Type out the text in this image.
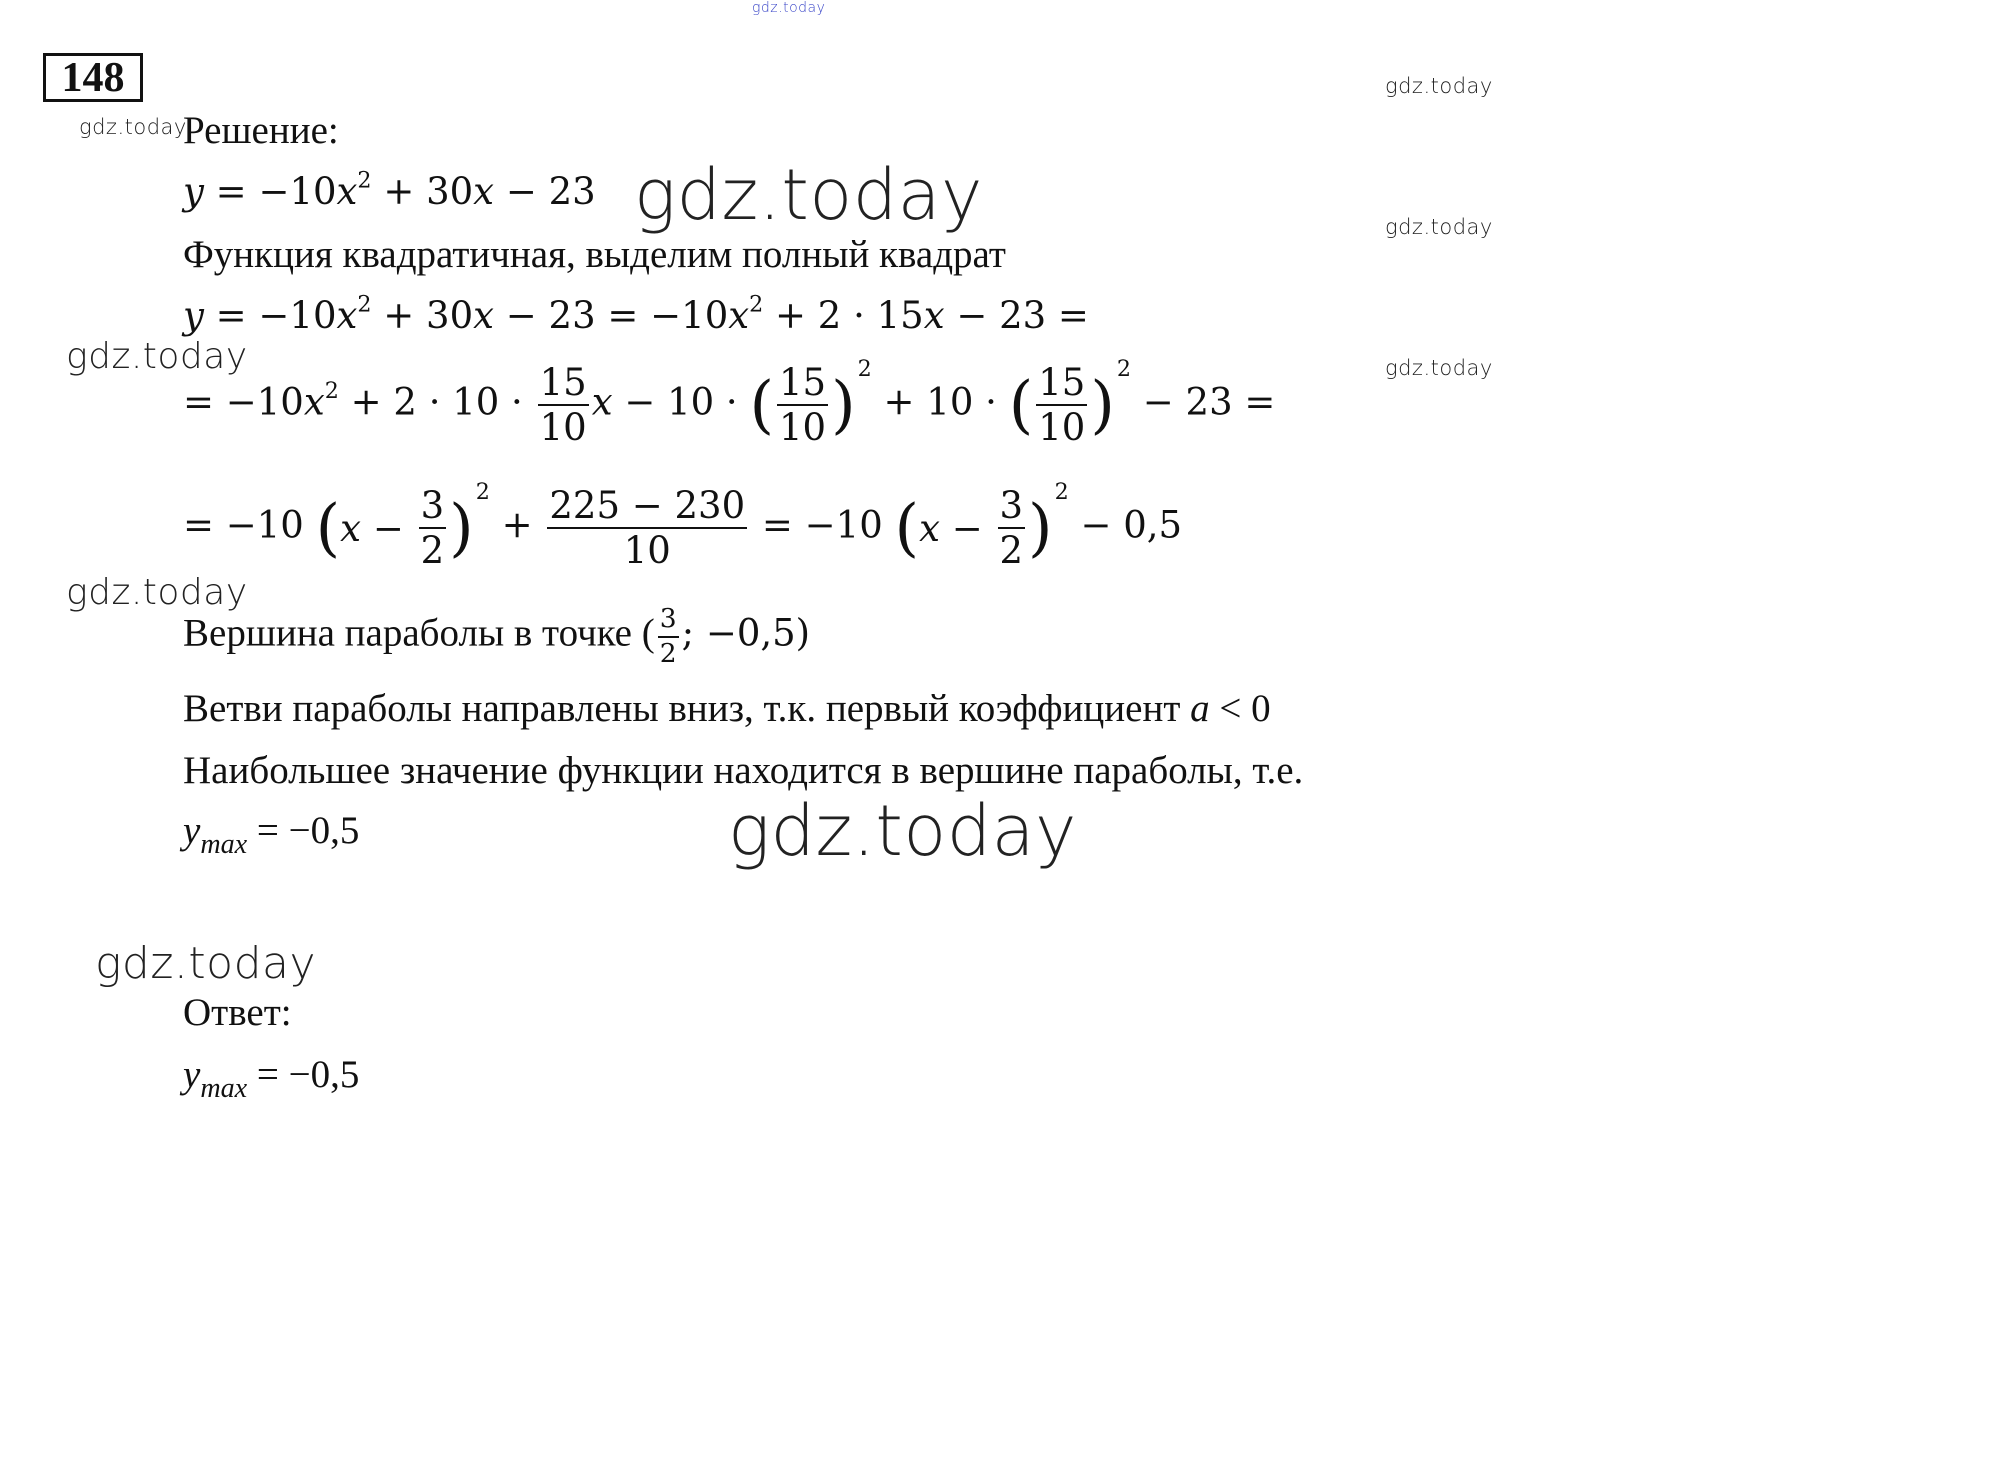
gdz.today
gdz.today
gdz.today
gdz.today	gdz.today
gdz.today	gdz.today
gdz.today
gdz.today
gdz.today
148
Решение:
$y = -10x^2 + 30x - 23$
Функция квадратичная, выделим полный квадрат
$y = -10x^2 + 30x - 23 = -10x^2 + 2 \cdot 15x - 23$ =
= $-10x^2 + 2 \cdot 10 \cdot \frac{15}{10}$ x − 10 · ( $\frac{15}{10}$ ) 2
+ 10 · ( $\frac{15}{10}$ ) 2
− 23 =
= −10 ( x
−
$\frac{3}{2}$ ) 2
+ $\frac{225 - 230}{10} = -10$ ( x
−
$\frac{3}{2}$ ) 2
− 0,5
Вершина параболы в точке ( $\frac{3}{2}$ ; −0,5)
Ветви параболы направлены вниз, т.к. первый коэффициент a < 0
Наибольшее значение функции находится в вершине параболы, т.е.
$y_{max} = -0,5$
Ответ:
$y_{max} = -0,5$
